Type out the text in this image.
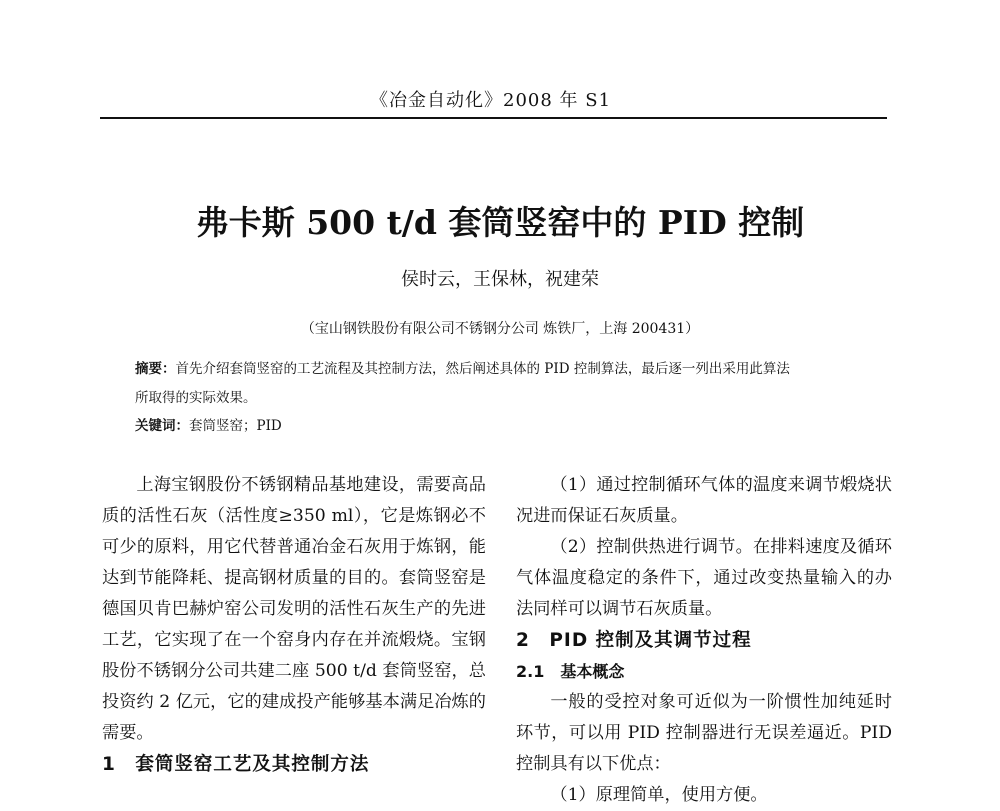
《冶金自动化》2008 年 S1
弗卡斯 500 t/d 套筒竖窑中的 PID 控制
侯时云，王保林，祝建荣
（宝山钢铁股份有限公司不锈钢分公司 炼铁厂，上海 200431）
摘要：首先介绍套筒竖窑的工艺流程及其控制方法，然后阐述具体的 PID 控制算法，最后逐一列出采用此算法
所取得的实际效果。
关键词：套筒竖窑；PID

上海宝钢股份不锈钢精品基地建设，需要高品质的活性石灰（活性度≥350 ml），它是炼钢必不可少的原料，用它代替普通冶金石灰用于炼钢，能达到节能降耗、提高钢材质量的目的。套筒竖窑是德国贝肯巴赫炉窑公司发明的活性石灰生产的先进工艺，它实现了在一个窑身内存在并流煅烧。宝钢股份不锈钢分公司共建二座 500 t/d 套筒竖窑，总投资约 2 亿元，它的建成投产能够基本满足冶炼的需要。

1　套筒竖窑工艺及其控制方法

（1）通过控制循环气体的温度来调节煅烧状况进而保证石灰质量。

（2）控制供热进行调节。在排料速度及循环气体温度稳定的条件下，通过改变热量输入的办法同样可以调节石灰质量。

2　PID 控制及其调节过程
2.1　基本概念

一般的受控对象可近似为一阶惯性加纯延时环节，可以用 PID 控制器进行无误差逼近。PID 控制具有以下优点：

（1）原理简单，使用方便。
